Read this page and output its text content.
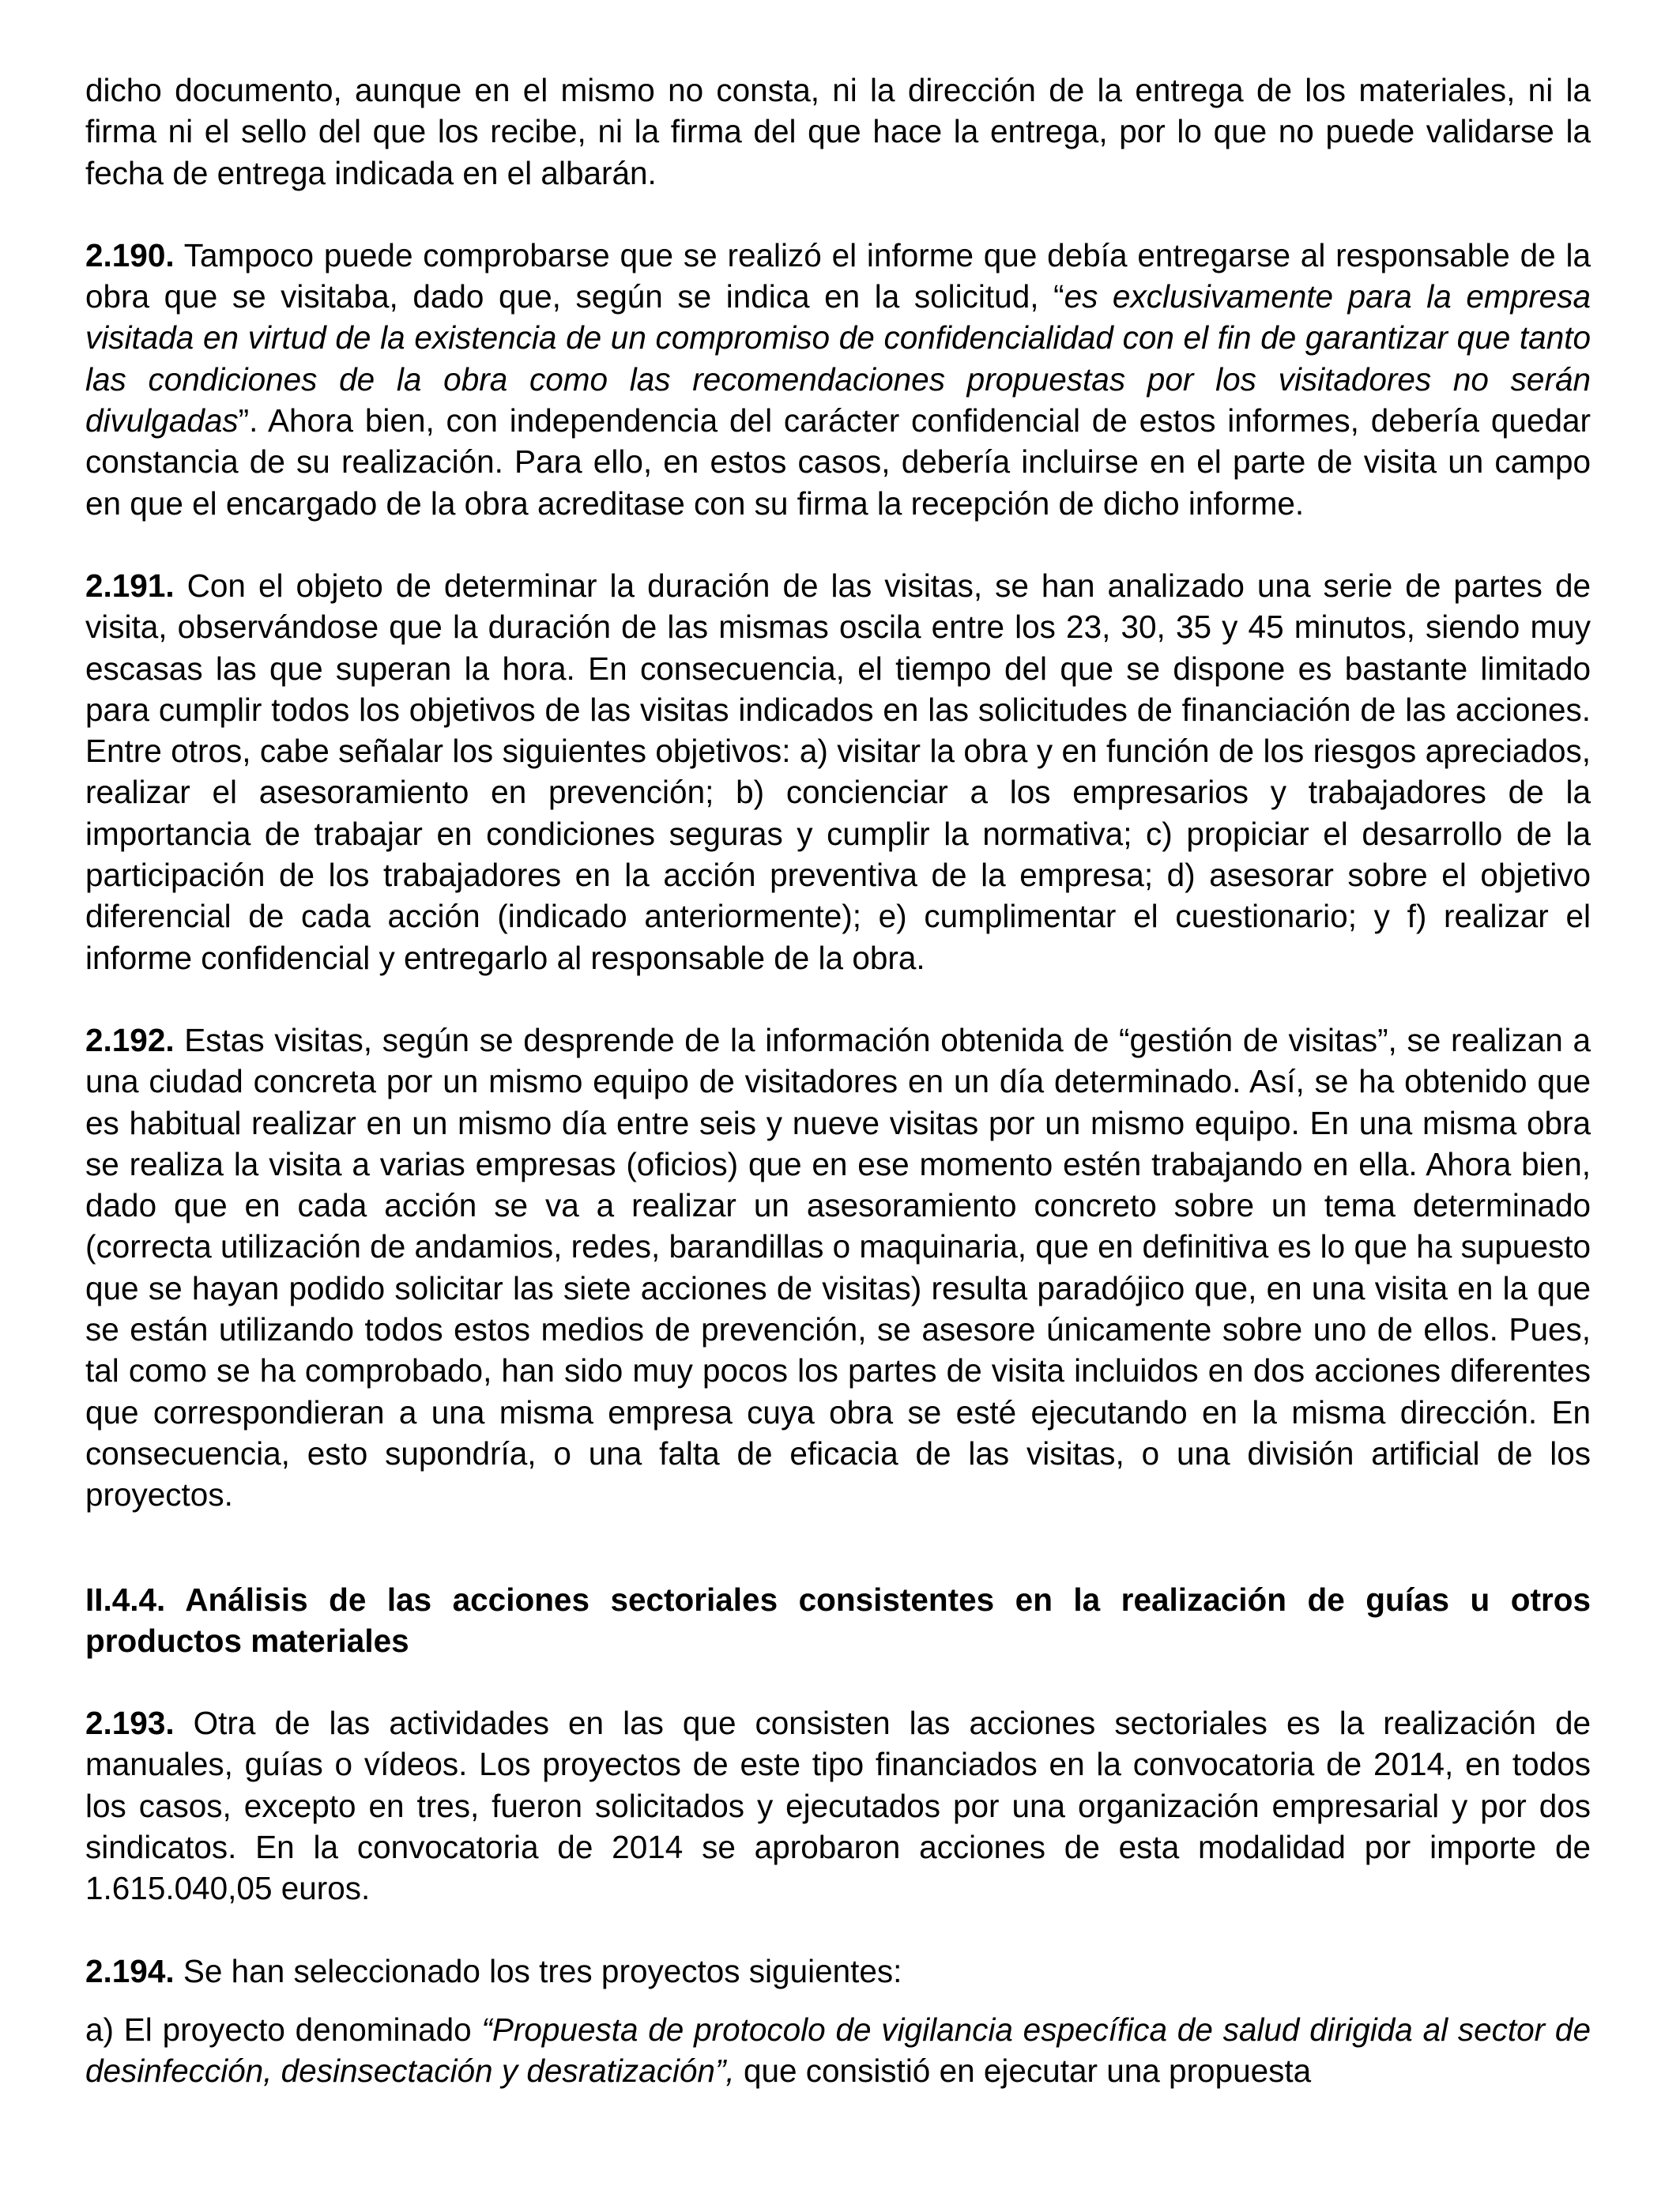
dicho documento, aunque en el mismo no consta, ni la dirección de la entrega de los materiales, ni la firma ni el sello del que los recibe, ni la firma del que hace la entrega, por lo que no puede validarse la fecha de entrega indicada en el albarán.

2.190. Tampoco puede comprobarse que se realizó el informe que debía entregarse al responsable de la obra que se visitaba, dado que, según se indica en la solicitud, “es exclusivamente para la empresa visitada en virtud de la existencia de un compromiso de confidencialidad con el fin de garantizar que tanto las condiciones de la obra como las recomendaciones propuestas por los visitadores no serán divulgadas”. Ahora bien, con independencia del carácter confidencial de estos informes, debería quedar constancia de su realización. Para ello, en estos casos, debería incluirse en el parte de visita un campo en que el encargado de la obra acreditase con su firma la recepción de dicho informe.

2.191. Con el objeto de determinar la duración de las visitas, se han analizado una serie de partes de visita, observándose que la duración de las mismas oscila entre los 23, 30, 35 y 45 minutos, siendo muy escasas las que superan la hora. En consecuencia, el tiempo del que se dispone es bastante limitado para cumplir todos los objetivos de las visitas indicados en las solicitudes de financiación de las acciones. Entre otros, cabe señalar los siguientes objetivos: a) visitar la obra y en función de los riesgos apreciados, realizar el asesoramiento en prevención; b) concienciar a los empresarios y trabajadores de la importancia de trabajar en condiciones seguras y cumplir la normativa; c) propiciar el desarrollo de la participación de los trabajadores en la acción preventiva de la empresa; d) asesorar sobre el objetivo diferencial de cada acción (indicado anteriormente); e) cumplimentar el cuestionario; y f) realizar el informe confidencial y entregarlo al responsable de la obra.

2.192. Estas visitas, según se desprende de la información obtenida de “gestión de visitas”, se realizan a una ciudad concreta por un mismo equipo de visitadores en un día determinado. Así, se ha obtenido que es habitual realizar en un mismo día entre seis y nueve visitas por un mismo equipo. En una misma obra se realiza la visita a varias empresas (oficios) que en ese momento estén trabajando en ella. Ahora bien, dado que en cada acción se va a realizar un asesoramiento concreto sobre un tema determinado (correcta utilización de andamios, redes, barandillas o maquinaria, que en definitiva es lo que ha supuesto que se hayan podido solicitar las siete acciones de visitas) resulta paradójico que, en una visita en la que se están utilizando todos estos medios de prevención, se asesore únicamente sobre uno de ellos. Pues, tal como se ha comprobado, han sido muy pocos los partes de visita incluidos en dos acciones diferentes que correspondieran a una misma empresa cuya obra se esté ejecutando en la misma dirección. En consecuencia, esto supondría, o una falta de eficacia de las visitas, o una división artificial de los proyectos.

II.4.4. Análisis de las acciones sectoriales consistentes en la realización de guías u otros productos materiales

2.193. Otra de las actividades en las que consisten las acciones sectoriales es la realización de manuales, guías o vídeos. Los proyectos de este tipo financiados en la convocatoria de 2014, en todos los casos, excepto en tres, fueron solicitados y ejecutados por una organización empresarial y por dos sindicatos. En la convocatoria de 2014 se aprobaron acciones de esta modalidad por importe de 1.615.040,05 euros.

2.194. Se han seleccionado los tres proyectos siguientes:

a) El proyecto denominado “Propuesta de protocolo de vigilancia específica de salud dirigida al sector de desinfección, desinsectación y desratización”, que consistió en ejecutar una propuesta
